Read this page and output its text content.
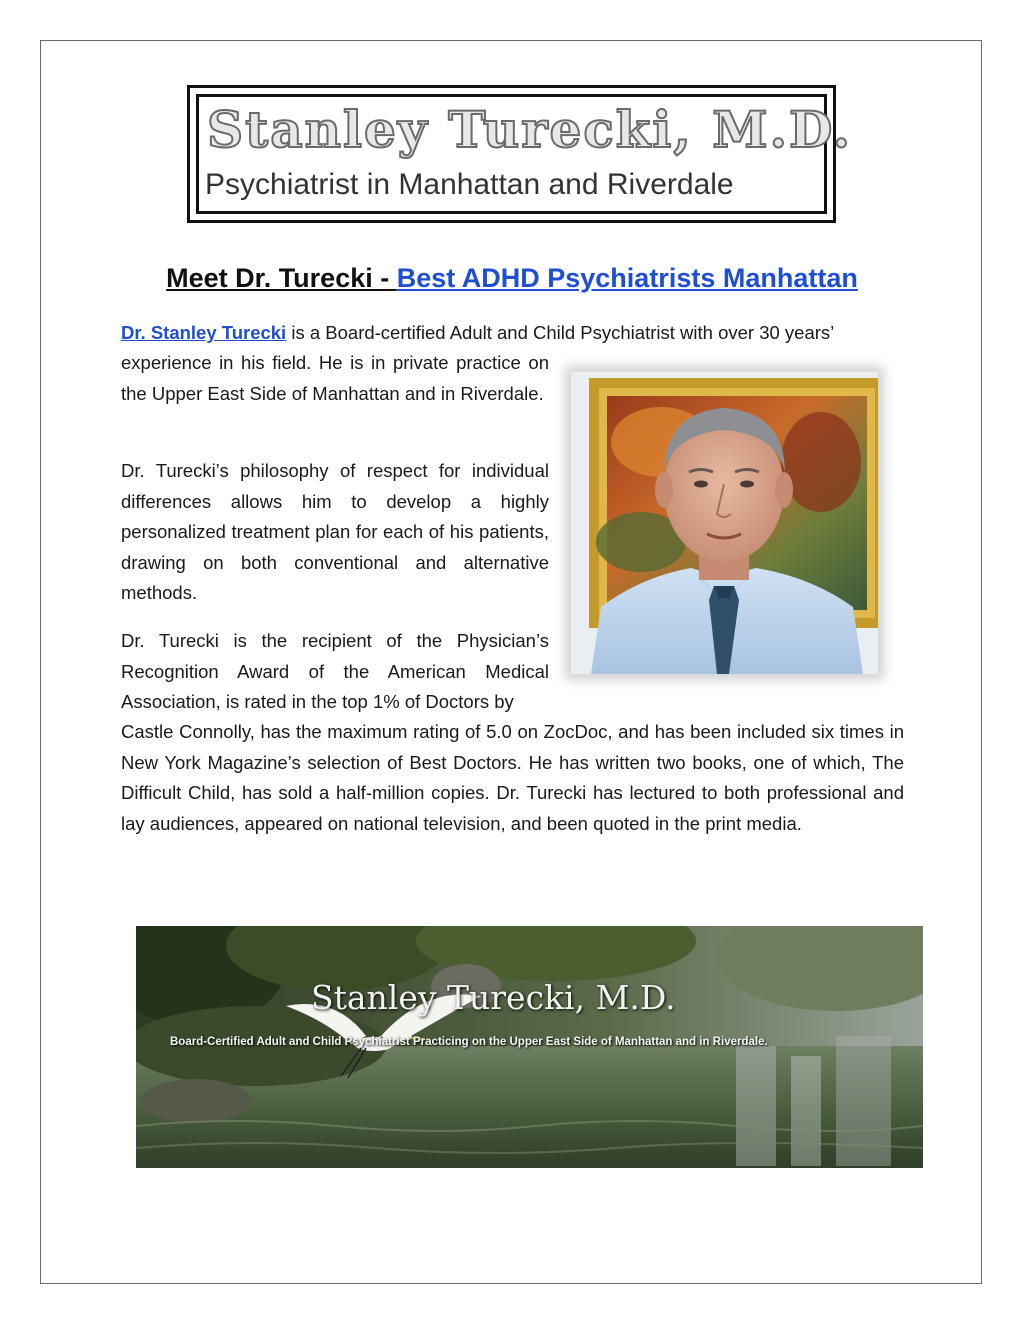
Stanley Turecki, M.D.

Psychiatrist in Manhattan and Riverdale

Meet Dr. Turecki - Best ADHD Psychiatrists Manhattan

Dr. Stanley Turecki is a Board-certified Adult and Child Psychiatrist with over 30 years’

experience in his field. He is in private practice on the Upper East Side of Manhattan and in Riverdale.

Dr. Turecki’s philosophy of respect for individual differences allows him to develop a highly personalized treatment plan for each of his patients, drawing on both conventional and alternative methods.

Dr. Turecki is the recipient of the Physician’s Recognition Award of the American Medical Association, is rated in the top 1% of Doctors by

Castle Connolly, has the maximum rating of 5.0 on ZocDoc, and has been included six times in New York Magazine’s selection of Best Doctors. He has written two books, one of which, The Difficult Child, has sold a half-million copies. Dr. Turecki has lectured to both professional and lay audiences, appeared on national television, and been quoted in the print media.

Stanley Turecki, M.D.

Board-Certified Adult and Child Psychiatrist Practicing on the Upper East Side of Manhattan and in Riverdale.
